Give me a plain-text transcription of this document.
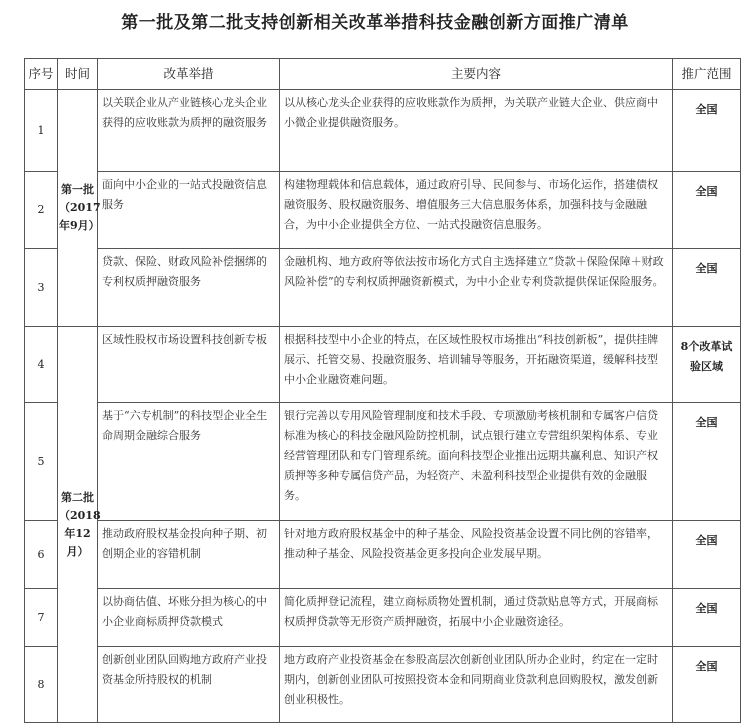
第一批及第二批支持创新相关改革举措科技金融创新方面推广清单
序号	时间	改革举措	主要内容	推广范围
1	第一批（2017年9月）	以关联企业从产业链核心龙头企业获得的应收账款为质押的融资服务	以从核心龙头企业获得的应收账款作为质押，为关联产业链大企业、供应商中小微企业提供融资服务。	全国
2		面向中小企业的一站式投融资信息服务	构建物理载体和信息载体，通过政府引导、民间参与、市场化运作，搭建债权融资服务、股权融资服务、增值服务三大信息服务体系，加强科技与金融融合，为中小企业提供全方位、一站式投融资信息服务。	全国
3		贷款、保险、财政风险补偿捆绑的专利权质押融资服务	金融机构、地方政府等依法按市场化方式自主选择建立“贷款＋保险保障＋财政风险补偿”的专利权质押融资新模式，为中小企业专利贷款提供保证保险服务。	全国
4	第二批（2018年12月）	区域性股权市场设置科技创新专板	根据科技型中小企业的特点，在区域性股权市场推出“科技创新板”，提供挂牌展示、托管交易、投融资服务、培训辅导等服务，开拓融资渠道，缓解科技型中小企业融资难问题。	8个改革试验区域
5		基于“六专机制”的科技型企业全生命周期金融综合服务	银行完善以专用风险管理制度和技术手段、专项激励考核机制和专属客户信贷标准为核心的科技金融风险防控机制，试点银行建立专营组织架构体系、专业经营管理团队和专门管理系统。面向科技型企业推出远期共赢利息、知识产权质押等多种专属信贷产品，为轻资产、未盈利科技型企业提供有效的金融服务。	全国
6		推动政府股权基金投向种子期、初创期企业的容错机制	针对地方政府股权基金中的种子基金、风险投资基金设置不同比例的容错率，推动种子基金、风险投资基金更多投向企业发展早期。	全国
7		以协商估值、坏账分担为核心的中小企业商标质押贷款模式	简化质押登记流程，建立商标质物处置机制，通过贷款贴息等方式，开展商标权质押贷款等无形资产质押融资，拓展中小企业融资途径。	全国
8		创新创业团队回购地方政府产业投资基金所持股权的机制	地方政府产业投资基金在参股高层次创新创业团队所办企业时，约定在一定时期内，创新创业团队可按照投资本金和同期商业贷款利息回购股权，激发创新创业积极性。	全国
